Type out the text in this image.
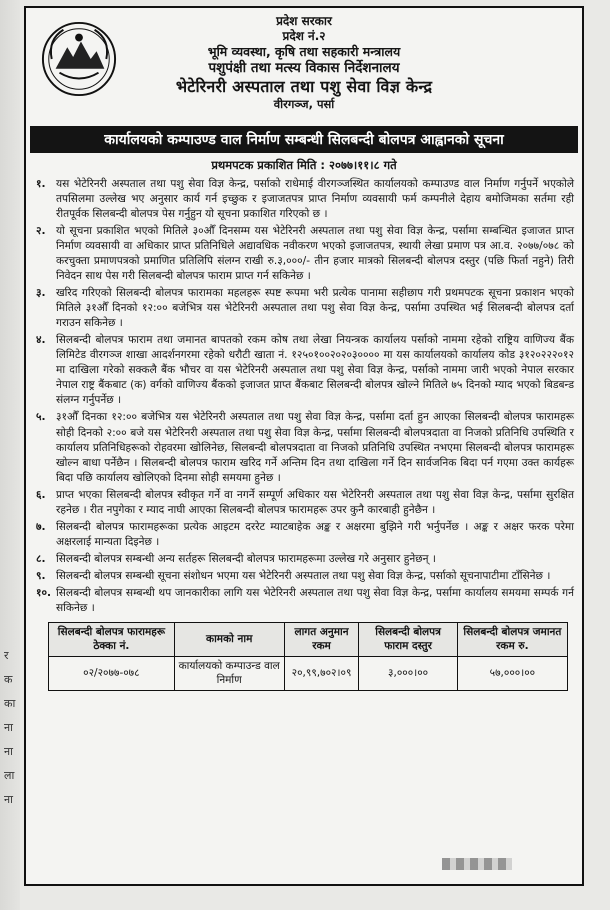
र
क
का
ना
ना
ला
ना
प्रदेश सरकार
प्रदेश नं.२
भूमि व्यवस्था, कृषि तथा सहकारी मन्त्रालय
पशुपंक्षी तथा मत्स्य विकास निर्देशनालय
भेटेरिनरी अस्पताल तथा पशु सेवा विज्ञ केन्द्र
वीरगञ्ज, पर्सा
कार्यालयको कम्पाउण्ड वाल निर्माण सम्बन्धी सिलबन्दी बोलपत्र आह्वानको सूचना
प्रथमपटक प्रकाशित मिति : २०७७।११।८ गते
१. यस भेटेरिनरी अस्पताल तथा पशु सेवा विज्ञ केन्द्र, पर्साको राधेमाई वीरगञ्जस्थित कार्यालयको कम्पाउण्ड वाल निर्माण गर्नुपर्ने भएकोले तपसिलमा उल्लेख भए अनुसार कार्य गर्न इच्छुक र इजाजतपत्र प्राप्त निर्माण व्यवसायी फर्म कम्पनीले देहाय बमोजिमका सर्तमा रही रीतपूर्वक सिलबन्दी बोलपत्र पेस गर्नुहुन यो सूचना प्रकाशित गरिएको छ ।
२. यो सूचना प्रकाशित भएको मितिले ३०औँ दिनसम्म यस भेटेरिनरी अस्पताल तथा पशु सेवा विज्ञ केन्द्र, पर्सामा सम्बन्धित इजाजत प्राप्त निर्माण व्यवसायी वा अधिकार प्राप्त प्रतिनिधिले अद्यावधिक नवीकरण भएको इजाजतपत्र, स्थायी लेखा प्रमाण पत्र आ.व. २०७७/०७८ को करचुक्ता प्रमाणपत्रको प्रमाणित प्रतिलिपि संलग्न राखी रु.३,०००/- तीन हजार मात्रको सिलबन्दी बोलपत्र दस्तुर (पछि फिर्ता नहुने) तिरी निवेदन साथ पेस गरी सिलबन्दी बोलपत्र फाराम प्राप्त गर्न सकिनेछ ।
३. खरिद गरिएको सिलबन्दी बोलपत्र फारामका महलहरू स्पष्ट रूपमा भरी प्रत्येक पानामा सहीछाप गरी प्रथमपटक सूचना प्रकाशन भएको मितिले ३१औँ दिनको १२:०० बजेभित्र यस भेटेरिनरी अस्पताल तथा पशु सेवा विज्ञ केन्द्र, पर्सामा उपस्थित भई सिलबन्दी बोलपत्र दर्ता गराउन सकिनेछ ।
४. सिलबन्दी बोलपत्र फाराम तथा जमानत बापतको रकम कोष तथा लेखा नियन्त्रक कार्यालय पर्साको नाममा रहेको राष्ट्रिय वाणिज्य बैंक लिमिटेड वीरगञ्ज शाखा आदर्शनगरमा रहेको धरौटी खाता नं. १२५०१००२०२०३०००० मा यस कार्यालयको कार्यालय कोड ३१२०२२२०१२ मा दाखिला गरेको सक्कलै बैंक भौचर वा यस भेटेरिनरी अस्पताल तथा पशु सेवा विज्ञ केन्द्र, पर्साको नाममा जारी भएको नेपाल सरकार नेपाल राष्ट्र बैंकबाट (क) वर्गको वाणिज्य बैंकको इजाजत प्राप्त बैंकबाट सिलबन्दी बोलपत्र खोल्ने मितिले ७५ दिनको म्याद भएको बिडबन्ड संलग्न गर्नुपर्नेछ ।
५. ३१औँ दिनका १२:०० बजेभित्र यस भेटेरिनरी अस्पताल तथा पशु सेवा विज्ञ केन्द्र, पर्सामा दर्ता हुन आएका सिलबन्दी बोलपत्र फारामहरू सोही दिनको २:०० बजे यस भेटेरिनरी अस्पताल तथा पशु सेवा विज्ञ केन्द्र, पर्सामा सिलबन्दी बोलपत्रदाता वा निजको प्रतिनिधि उपस्थिति र कार्यालय प्रतिनिधिहरूको रोहवरमा खोलिनेछ, सिलबन्दी बोलपत्रदाता वा निजको प्रतिनिधि उपस्थित नभएमा सिलबन्दी बोलपत्र फारामहरू खोल्न बाधा पर्नेछैन । सिलबन्दी बोलपत्र फाराम खरिद गर्ने अन्तिम दिन तथा दाखिला गर्ने दिन सार्वजनिक बिदा पर्न गएमा उक्त कार्यहरू बिदा पछि कार्यालय खोलिएको दिनमा सोही समयमा हुनेछ ।
६. प्राप्त भएका सिलबन्दी बोलपत्र स्वीकृत गर्ने वा नगर्ने सम्पूर्ण अधिकार यस भेटेरिनरी अस्पताल तथा पशु सेवा विज्ञ केन्द्र, पर्सामा सुरक्षित रहनेछ । रीत नपुगेका र म्याद नाघी आएका सिलबन्दी बोलपत्र फारामहरू उपर कुनै कारबाही हुनेछैन ।
७. सिलबन्दी बोलपत्र फारामहरूका प्रत्येक आइटम दररेट म्याटबाहेक अङ्क र अक्षरमा बुझिने गरी भर्नुपर्नेछ । अङ्क र अक्षर फरक परेमा अक्षरलाई मान्यता दिइनेछ ।
८. सिलबन्दी बोलपत्र सम्बन्धी अन्य सर्तहरू सिलबन्दी बोलपत्र फारामहरूमा उल्लेख गरे अनुसार हुनेछन् ।
९. सिलबन्दी बोलपत्र सम्बन्धी सूचना संशोधन भएमा यस भेटेरिनरी अस्पताल तथा पशु सेवा विज्ञ केन्द्र, पर्साको सूचनापाटीमा टाँसिनेछ ।
१०. सिलबन्दी बोलपत्र सम्बन्धी थप जानकारीका लागि यस भेटेरिनरी अस्पताल तथा पशु सेवा विज्ञ केन्द्र, पर्सामा कार्यालय समयमा सम्पर्क गर्न सकिनेछ ।
सिलबन्दी बोलपत्र फारामहरू ठेक्का नं.	कामको नाम	लागत अनुमान रकम	सिलबन्दी बोलपत्र फाराम दस्तुर	सिलबन्दी बोलपत्र जमानत रकम रु.
०२/२०७७-०७८	कार्यालयको कम्पाउन्ड वाल निर्माण	२०,९९,७०२।०९	३,०००।००	५७,०००।००
